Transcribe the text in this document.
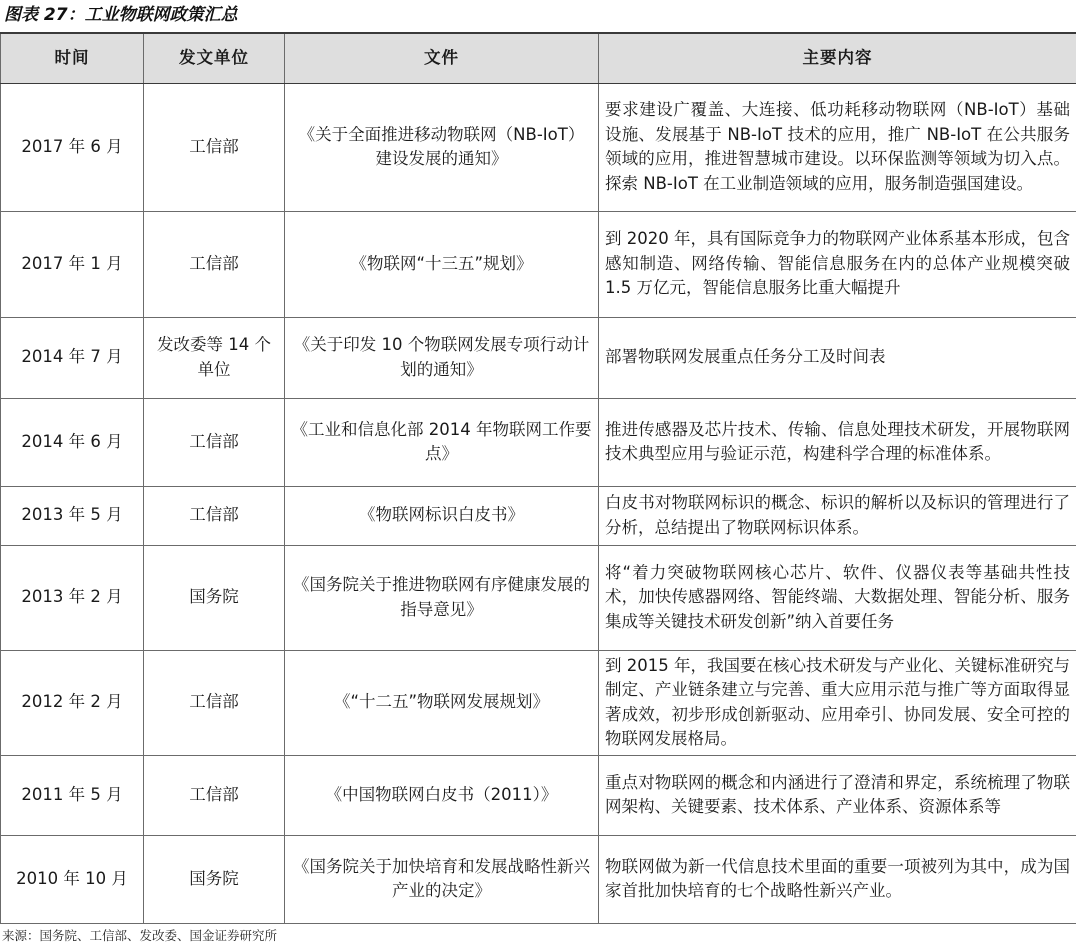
图表 27：工业物联网政策汇总
时间	发文单位	文件	主要内容
2017 年 6 月	工信部	《关于全面推进移动物联网（NB-IoT）建设发展的通知》	要求建设广覆盖、大连接、低功耗移动物联网（NB-IoT）基础设施、发展基于 NB-IoT 技术的应用，推广 NB-IoT 在公共服务领域的应用，推进智慧城市建设。以环保监测等领域为切入点。探索 NB-IoT 在工业制造领域的应用，服务制造强国建设。
2017 年 1 月	工信部	《物联网“十三五”规划》	到 2020 年，具有国际竞争力的物联网产业体系基本形成，包含感知制造、网络传输、智能信息服务在内的总体产业规模突破 1.5 万亿元，智能信息服务比重大幅提升
2014 年 7 月	发改委等 14 个单位	《关于印发 10 个物联网发展专项行动计划的通知》	部署物联网发展重点任务分工及时间表
2014 年 6 月	工信部	《工业和信息化部 2014 年物联网工作要点》	推进传感器及芯片技术、传输、信息处理技术研发，开展物联网技术典型应用与验证示范，构建科学合理的标准体系。
2013 年 5 月	工信部	《物联网标识白皮书》	白皮书对物联网标识的概念、标识的解析以及标识的管理进行了分析，总结提出了物联网标识体系。
2013 年 2 月	国务院	《国务院关于推进物联网有序健康发展的指导意见》	将“着力突破物联网核心芯片、软件、仪器仪表等基础共性技术，加快传感器网络、智能终端、大数据处理、智能分析、服务集成等关键技术研发创新”纳入首要任务
2012 年 2 月	工信部	《“十二五”物联网发展规划》	到 2015 年，我国要在核心技术研发与产业化、关键标准研究与制定、产业链条建立与完善、重大应用示范与推广等方面取得显著成效，初步形成创新驱动、应用牵引、协同发展、安全可控的物联网发展格局。
2011 年 5 月	工信部	《中国物联网白皮书（2011）》	重点对物联网的概念和内涵进行了澄清和界定，系统梳理了物联网架构、关键要素、技术体系、产业体系、资源体系等
2010 年 10 月	国务院	《国务院关于加快培育和发展战略性新兴产业的决定》	物联网做为新一代信息技术里面的重要一项被列为其中，成为国家首批加快培育的七个战略性新兴产业。
来源：国务院、工信部、发改委、国金证券研究所
